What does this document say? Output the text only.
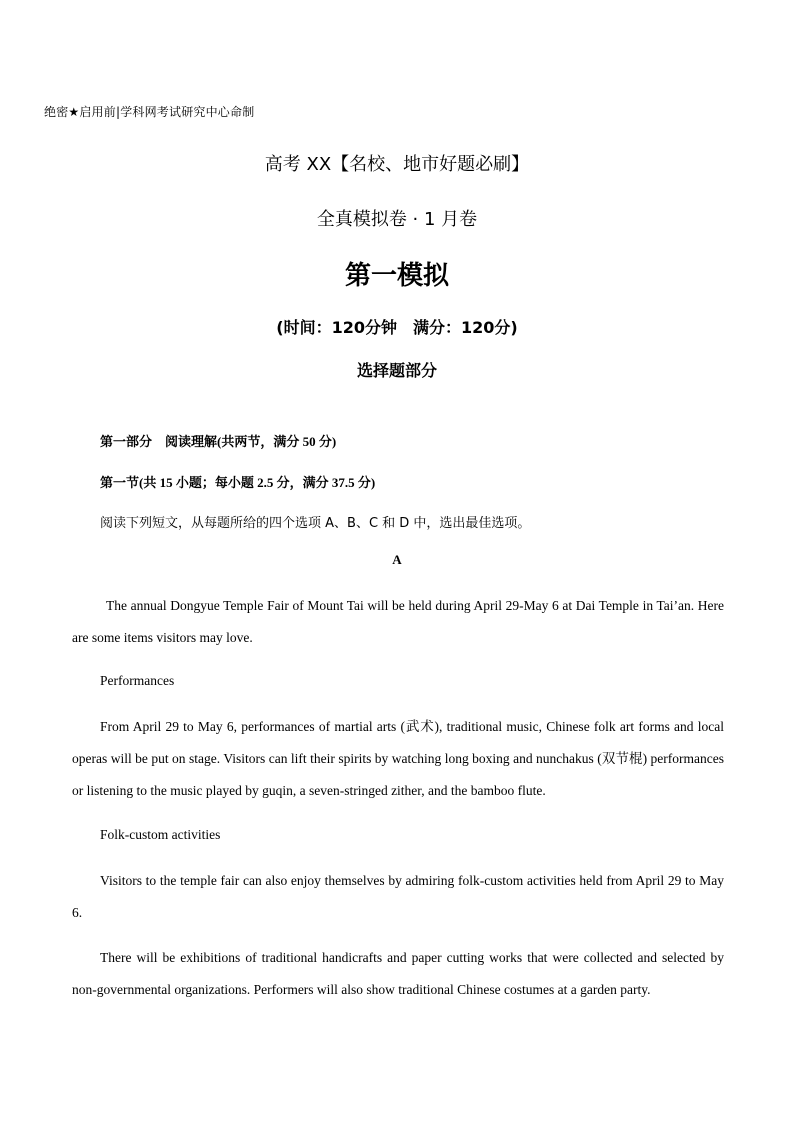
绝密★启用前|学科网考试研究中心命制
高考 XX【名校、地市好题必刷】
全真模拟卷 · 1 月卷
第一模拟
(时间：120分钟　满分：120分)
选择题部分
第一部分　阅读理解(共两节，满分 50 分)
第一节(共 15 小题；每小题 2.5 分，满分 37.5 分)
阅读下列短文，从每题所给的四个选项 A、B、C 和 D 中，选出最佳选项。
A

The annual Dongyue Temple Fair of Mount Tai will be held during April 29-May 6 at Dai Temple in Tai’an. Here are some items visitors may love.

Performances

From April 29 to May 6, performances of martial arts (武术), traditional music, Chinese folk art forms and local operas will be put on stage. Visitors can lift their spirits by watching long boxing and nunchakus (双节棍) performances or listening to the music played by guqin, a seven-stringed zither, and the bamboo flute.

Folk-custom activities

Visitors to the temple fair can also enjoy themselves by admiring folk-custom activities held from April 29 to May 6.

There will be exhibitions of traditional handicrafts and paper cutting works that were collected and selected by non-governmental organizations. Performers will also show traditional Chinese costumes at a garden party.
